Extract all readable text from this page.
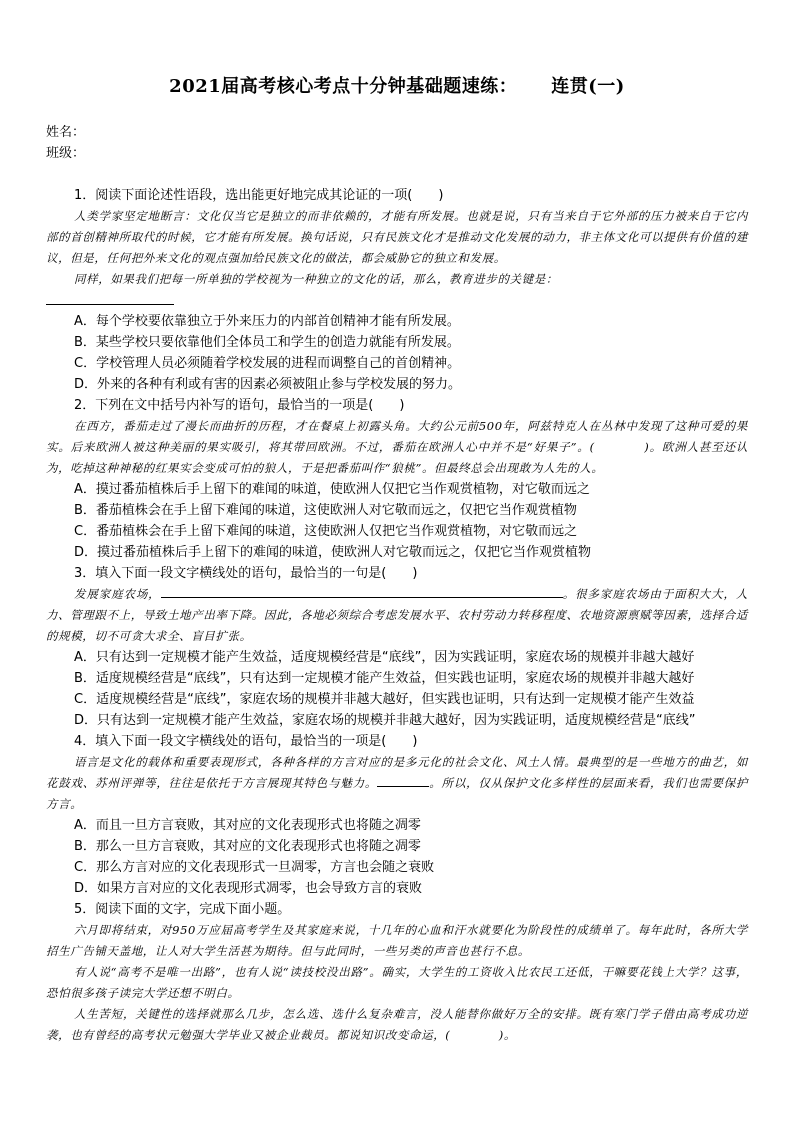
2021届高考核心考点十分钟基础题速练： 连贯(一)
姓名：
班级：
1．阅读下面论述性语段，选出能更好地完成其论证的一项(　　)
人类学家坚定地断言：文化仅当它是独立的而非依赖的，才能有所发展。也就是说，只有当来自于它外部的压力被来自于它内部的首创精神所取代的时候，它才能有所发展。换句话说，只有民族文化才是推动文化发展的动力，非主体文化可以提供有价值的建议，但是，任何把外来文化的观点强加给民族文化的做法，都会威胁它的独立和发展。
同样，如果我们把每一所单独的学校视为一种独立的文化的话，那么，教育进步的关键是：
A．每个学校要依靠独立于外来压力的内部首创精神才能有所发展。
B．某些学校只要依靠他们全体员工和学生的创造力就能有所发展。
C．学校管理人员必须随着学校发展的进程而调整自己的首创精神。
D．外来的各种有利或有害的因素必须被阻止参与学校发展的努力。
2．下列在文中括号内补写的语句，最恰当的一项是(　　)
在西方，番茄走过了漫长而曲折的历程，才在餐桌上初露头角。大约公元前500年，阿兹特克人在丛林中发现了这种可爱的果实。后来欧洲人被这种美丽的果实吸引，将其带回欧洲。不过，番茄在欧洲人心中并不是“好果子”。(　　　　)。欧洲人甚至还认为，吃掉这种神秘的红果实会变成可怕的狼人，于是把番茄叫作“狼桃”。但最终总会出现敢为人先的人。
A．摸过番茄植株后手上留下的难闻的味道，使欧洲人仅把它当作观赏植物，对它敬而远之
B．番茄植株会在手上留下难闻的味道，这使欧洲人对它敬而远之，仅把它当作观赏植物
C．番茄植株会在手上留下难闻的味道，这使欧洲人仅把它当作观赏植物，对它敬而远之
D．摸过番茄植株后手上留下的难闻的味道，使欧洲人对它敬而远之，仅把它当作观赏植物
3．填入下面一段文字横线处的语句，最恰当的一句是(　　)
发展家庭农场，	。很多家庭农场由于面积大大，人力、管理跟不上，导致土地产出率下降。因此，各地必须综合考虑发展水平、农村劳动力转移程度、农地资源禀赋等因素，选择合适的规模，切不可贪大求全、盲目扩张。
A．只有达到一定规模才能产生效益，适度规模经营是“底线”，因为实践证明，家庭农场的规模并非越大越好
B．适度规模经营是“底线”，只有达到一定规模才能产生效益，但实践也证明，家庭农场的规模并非越大越好
C．适度规模经营是“底线”，家庭农场的规模并非越大越好，但实践也证明，只有达到一定规模才能产生效益
D．只有达到一定规模才能产生效益，家庭农场的规模并非越大越好，因为实践证明，适度规模经营是“底线”
4．填入下面一段文字横线处的语句，最恰当的一项是(　　)
语言是文化的载体和重要表现形式，各种各样的方言对应的是多元化的社会文化、风土人情。最典型的是一些地方的曲艺，如花鼓戏、苏州评弹等，往往是依托于方言展现其特色与魅力。	。所以，仅从保护文化多样性的层面来看，我们也需要保护方言。
A．而且一旦方言衰败，其对应的文化表现形式也将随之凋零
B．那么一旦方言衰败，其对应的文化表现形式也将随之凋零
C．那么方言对应的文化表现形式一旦凋零，方言也会随之衰败
D．如果方言对应的文化表现形式凋零，也会导致方言的衰败
5．阅读下面的文字，完成下面小题。
六月即将结束，对950万应届高考学生及其家庭来说，十几年的心血和汗水就要化为阶段性的成绩单了。每年此时，各所大学招生广告铺天盖地，让人对大学生活甚为期待。但与此同时，一些另类的声音也甚行不息。
有人说“高考不是唯一出路”，也有人说“读技校没出路”。确实，大学生的工资收入比农民工还低，干嘛要花钱上大学？这事，恐怕很多孩子读完大学还想不明白。
人生苦短，关键性的选择就那么几步，怎么选、选什么复杂难言，没人能替你做好万全的安排。既有寒门学子借由高考成功逆袭，也有曾经的高考状元勉强大学毕业又被企业裁员。都说知识改变命运，(　　　　)。
